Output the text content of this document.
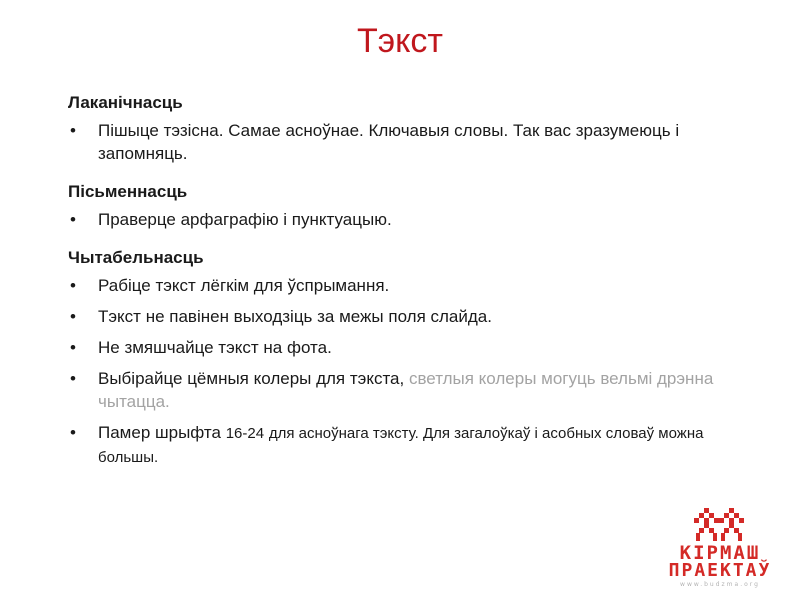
Тэкст
Лаканічнасць
• Пішыце тэзісна. Самае асноўнае. Ключавыя словы. Так вас зразумеюць і запомняць.
Пісьменнасць
• Праверце арфаграфію і пунктуацыю.
Чытабельнасць
• Рабіце тэкст лёгкім для ўспрымання.
• Тэкст не павінен выходзіць за межы поля слайда.
• Не змяшчайце тэкст на фота.
• Выбірайце цёмныя колеры для тэкста, светлыя колеры могуць вельмі дрэнна чытацца.
• Памер шрыфта 16-24 для асноўнага тэксту. Для загалоўкаў і асобных словаў можна большы.
КІРМАШ
ПРАЕКТАЎ
www.budzma.org
